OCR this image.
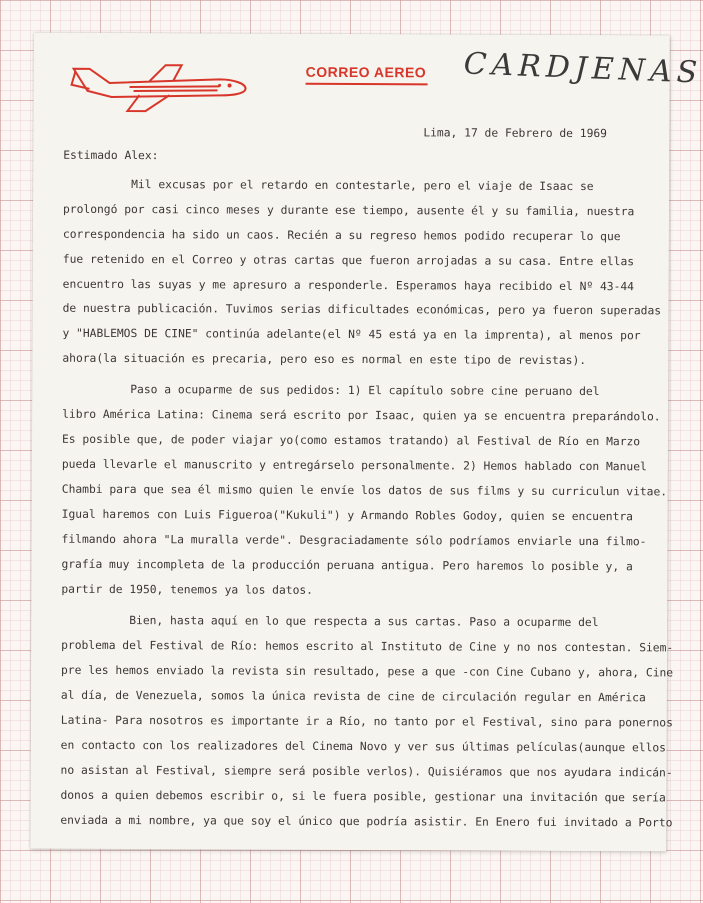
CORREO AEREO CARDJENAS
Lima, 17 de Febrero de 1969
Estimado Alex:
Mil excusas por el retardo en contestarle, pero el viaje de Isaac se
prolongó por casi cinco meses y durante ese tiempo, ausente él y su familia, nuestra
correspondencia ha sido un caos. Recién a su regreso hemos podido recuperar lo que
fue retenido en el Correo y otras cartas que fueron arrojadas a su casa. Entre ellas
encuentro las suyas y me apresuro a responderle. Esperamos haya recibido el Nº 43-44
de nuestra publicación. Tuvimos serias dificultades económicas, pero ya fueron superadas
y "HABLEMOS DE CINE" continúa adelante(el Nº 45 está ya en la imprenta), al menos por
ahora(la situación es precaria, pero eso es normal en este tipo de revistas).
Paso a ocuparme de sus pedidos: 1) El capítulo sobre cine peruano del
libro América Latina: Cinema será escrito por Isaac, quien ya se encuentra preparándolo.
Es posible que, de poder viajar yo(como estamos tratando) al Festival de Río en Marzo
pueda llevarle el manuscrito y entregárselo personalmente. 2) Hemos hablado con Manuel
Chambi para que sea él mismo quien le envíe los datos de sus films y su curriculun vitae.
Igual haremos con Luis Figueroa("Kukuli") y Armando Robles Godoy, quien se encuentra
filmando ahora "La muralla verde". Desgraciadamente sólo podríamos enviarle una filmo-
grafía muy incompleta de la producción peruana antigua. Pero haremos lo posible y, a
partir de 1950, tenemos ya los datos.
Bien, hasta aquí en lo que respecta a sus cartas. Paso a ocuparme del
problema del Festival de Río: hemos escrito al Instituto de Cine y no nos contestan. Siem-
pre les hemos enviado la revista sin resultado, pese a que -con Cine Cubano y, ahora, Cine
al día, de Venezuela, somos la única revista de cine de circulación regular en América
Latina- Para nosotros es importante ir a Río, no tanto por el Festival, sino para ponernos
en contacto con los realizadores del Cinema Novo y ver sus últimas películas(aunque ellos
no asistan al Festival, siempre será posible verlos). Quisiéramos que nos ayudara indicán-
donos a quien debemos escribir o, si le fuera posible, gestionar una invitación que sería
enviada a mi nombre, ya que soy el único que podría asistir. En Enero fui invitado a Porto
